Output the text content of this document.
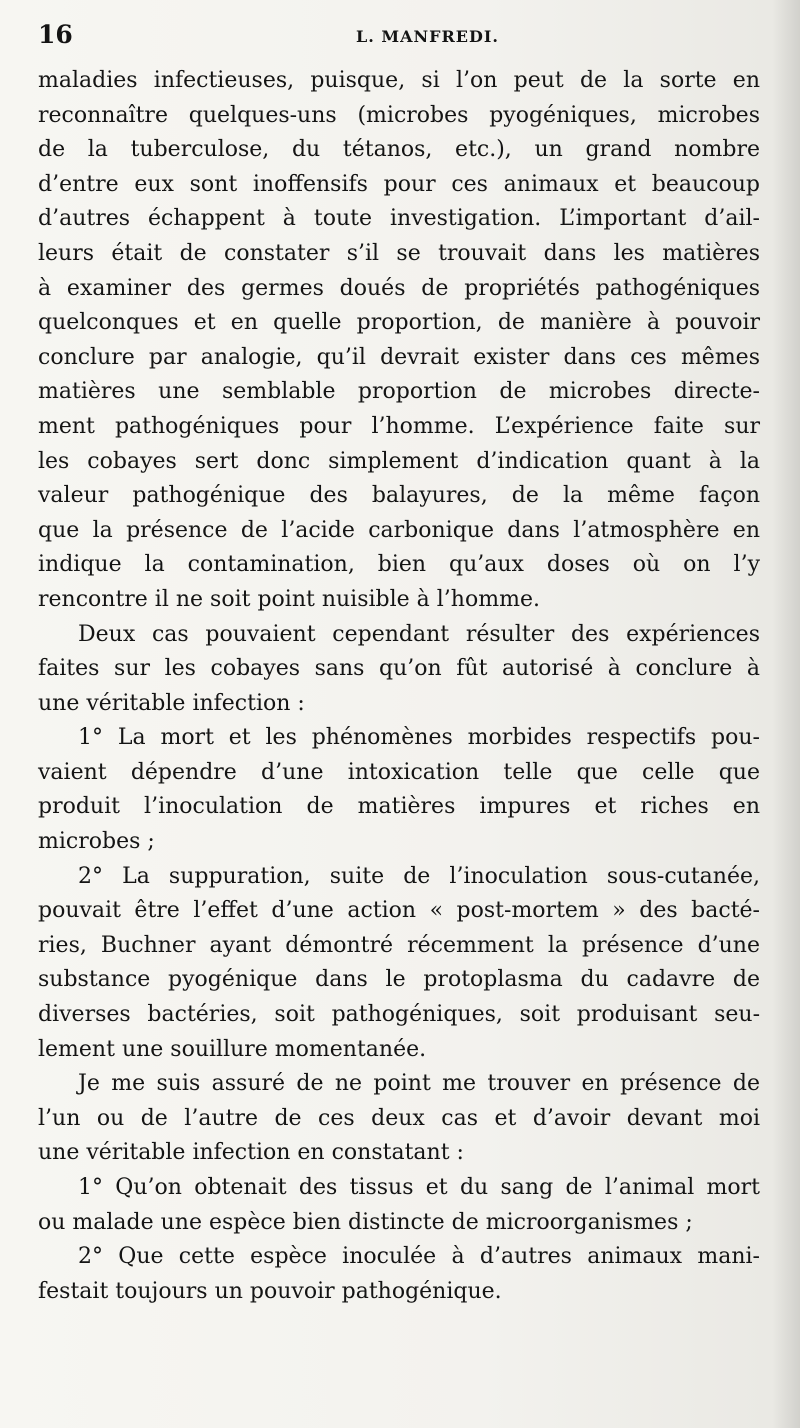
16	L. MANFREDI.
maladies infectieuses, puisque, si l’on peut de la sorte en
reconnaître quelques-uns (microbes pyogéniques, microbes
de la tuberculose, du tétanos, etc.), un grand nombre
d’entre eux sont inoffensifs pour ces animaux et beaucoup
d’autres échappent à toute investigation. L’important d’ail-
leurs était de constater s’il se trouvait dans les matières
à examiner des germes doués de propriétés pathogéniques
quelconques et en quelle proportion, de manière à pouvoir
conclure par analogie, qu’il devrait exister dans ces mêmes
matières une semblable proportion de microbes directe-
ment pathogéniques pour l’homme. L’expérience faite sur
les cobayes sert donc simplement d’indication quant à la
valeur pathogénique des balayures, de la même façon
que la présence de l’acide carbonique dans l’atmosphère en
indique la contamination, bien qu’aux doses où on l’y
rencontre il ne soit point nuisible à l’homme.
Deux cas pouvaient cependant résulter des expériences
faites sur les cobayes sans qu’on fût autorisé à conclure à
une véritable infection :
1° La mort et les phénomènes morbides respectifs pou-
vaient dépendre d’une intoxication telle que celle que
produit l’inoculation de matières impures et riches en
microbes ;
2° La suppuration, suite de l’inoculation sous-cutanée,
pouvait être l’effet d’une action « post-mortem » des bacté-
ries, Buchner ayant démontré récemment la présence d’une
substance pyogénique dans le protoplasma du cadavre de
diverses bactéries, soit pathogéniques, soit produisant seu-
lement une souillure momentanée.
Je me suis assuré de ne point me trouver en présence de
l’un ou de l’autre de ces deux cas et d’avoir devant moi
une véritable infection en constatant :
1° Qu’on obtenait des tissus et du sang de l’animal mort
ou malade une espèce bien distincte de microorganismes ;
2° Que cette espèce inoculée à d’autres animaux mani-
festait toujours un pouvoir pathogénique.
